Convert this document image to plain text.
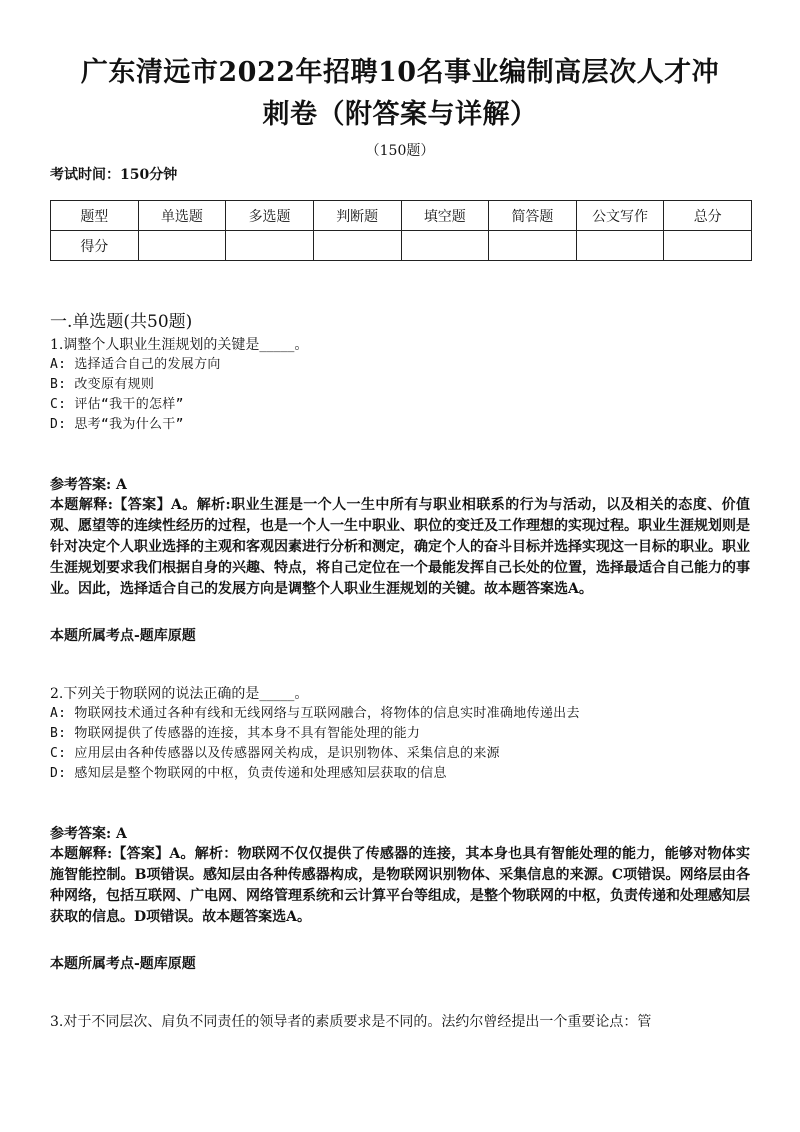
广东清远市2022年招聘10名事业编制高层次人才冲
刺卷（附答案与详解）
（150题）
考试时间：150分钟
题型	单选题	多选题	判断题	填空题	简答题	公文写作	总分
得分							
一.单选题(共50题)
1.调整个人职业生涯规划的关键是_____。
A: 选择适合自己的发展方向
B: 改变原有规则
C: 评估“我干的怎样”
D: 思考“我为什么干”
参考答案: A
本题解释:【答案】A。解析:职业生涯是一个人一生中所有与职业相联系的行为与活动，以及相关的态度、价值观、愿望等的连续性经历的过程，也是一个人一生中职业、职位的变迁及工作理想的实现过程。职业生涯规划则是针对决定个人职业选择的主观和客观因素进行分析和测定，确定个人的奋斗目标并选择实现这一目标的职业。职业生涯规划要求我们根据自身的兴趣、特点，将自己定位在一个最能发挥自己长处的位置，选择最适合自己能力的事业。因此，选择适合自己的发展方向是调整个人职业生涯规划的关键。故本题答案选A。
本题所属考点-题库原题
2.下列关于物联网的说法正确的是_____。
A: 物联网技术通过各种有线和无线网络与互联网融合，将物体的信息实时准确地传递出去
B: 物联网提供了传感器的连接，其本身不具有智能处理的能力
C: 应用层由各种传感器以及传感器网关构成，是识别物体、采集信息的来源
D: 感知层是整个物联网的中枢，负责传递和处理感知层获取的信息
参考答案: A
本题解释:【答案】A。解析：物联网不仅仅提供了传感器的连接，其本身也具有智能处理的能力，能够对物体实施智能控制。B项错误。感知层由各种传感器构成，是物联网识别物体、采集信息的来源。C项错误。网络层由各种网络，包括互联网、广电网、网络管理系统和云计算平台等组成，是整个物联网的中枢，负责传递和处理感知层获取的信息。D项错误。故本题答案选A。
本题所属考点-题库原题
3.对于不同层次、肩负不同责任的领导者的素质要求是不同的。法约尔曾经提出一个重要论点：管
